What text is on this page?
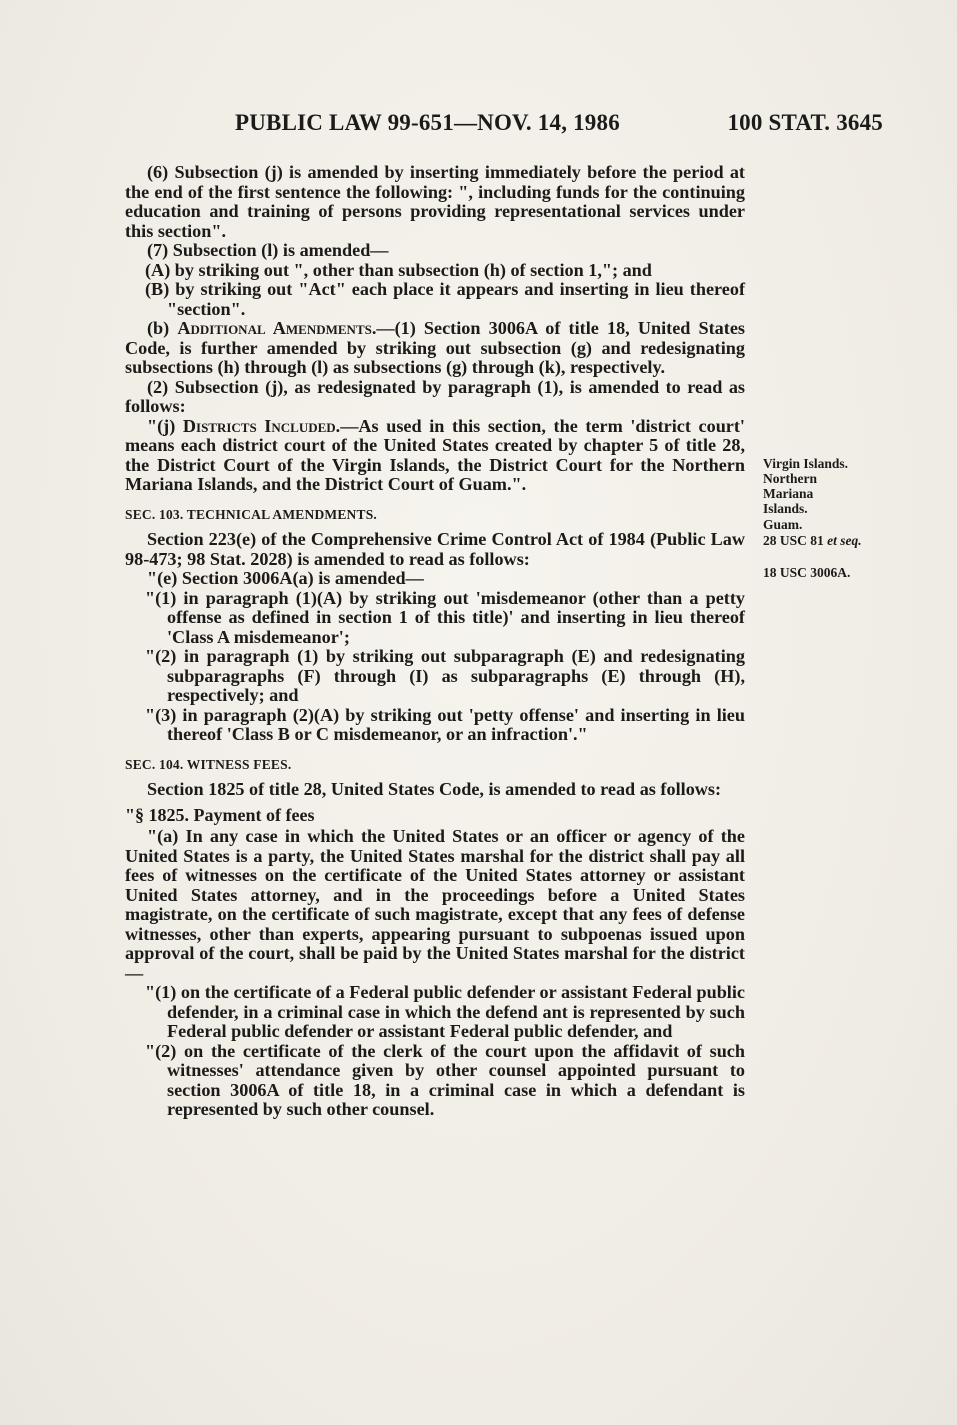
PUBLIC LAW 99-651—NOV. 14, 1986	100 STAT. 3645

(6) Subsection (j) is amended by inserting immediately before the period at the end of the first sentence the following: ", including funds for the continuing education and training of persons providing representational services under this section".

(7) Subsection (l) is amended—

(A) by striking out ", other than subsection (h) of section 1,"; and

(B) by striking out "Act" each place it appears and inserting in lieu thereof "section".

(b) Additional Amendments.—(1) Section 3006A of title 18, United States Code, is further amended by striking out subsection (g) and redesignating subsections (h) through (l) as subsections (g) through (k), respectively.

(2) Subsection (j), as redesignated by paragraph (1), is amended to read as follows:

"(j) Districts Included.—As used in this section, the term 'district court' means each district court of the United States created by chapter 5 of title 28, the District Court of the Virgin Islands, the District Court for the Northern Mariana Islands, and the District Court of Guam.".

SEC. 103. TECHNICAL AMENDMENTS.

Section 223(e) of the Comprehensive Crime Control Act of 1984 (Public Law 98-473; 98 Stat. 2028) is amended to read as follows:

"(e) Section 3006A(a) is amended—

"(1) in paragraph (1)(A) by striking out 'misdemeanor (other than a petty offense as defined in section 1 of this title)' and inserting in lieu thereof 'Class A misdemeanor';

"(2) in paragraph (1) by striking out subparagraph (E) and redesignating subparagraphs (F) through (I) as subparagraphs (E) through (H), respectively; and

"(3) in paragraph (2)(A) by striking out 'petty offense' and inserting in lieu thereof 'Class B or C misdemeanor, or an infraction'."

SEC. 104. WITNESS FEES.

Section 1825 of title 28, United States Code, is amended to read as follows:

"§ 1825. Payment of fees

"(a) In any case in which the United States or an officer or agency of the United States is a party, the United States marshal for the district shall pay all fees of witnesses on the certificate of the United States attorney or assistant United States attorney, and in the proceedings before a United States magistrate, on the certificate of such magistrate, except that any fees of defense witnesses, other than experts, appearing pursuant to subpoenas issued upon approval of the court, shall be paid by the United States marshal for the district—

"(1) on the certificate of a Federal public defender or assistant Federal public defender, in a criminal case in which the defend ant is represented by such Federal public defender or assistant Federal public defender, and

"(2) on the certificate of the clerk of the court upon the affidavit of such witnesses' attendance given by other counsel appointed pursuant to section 3006A of title 18, in a criminal case in which a defendant is represented by such other counsel.

Virgin Islands.
Northern
Mariana
Islands.
Guam.
28 USC 81 et seq.
18 USC 3006A.
